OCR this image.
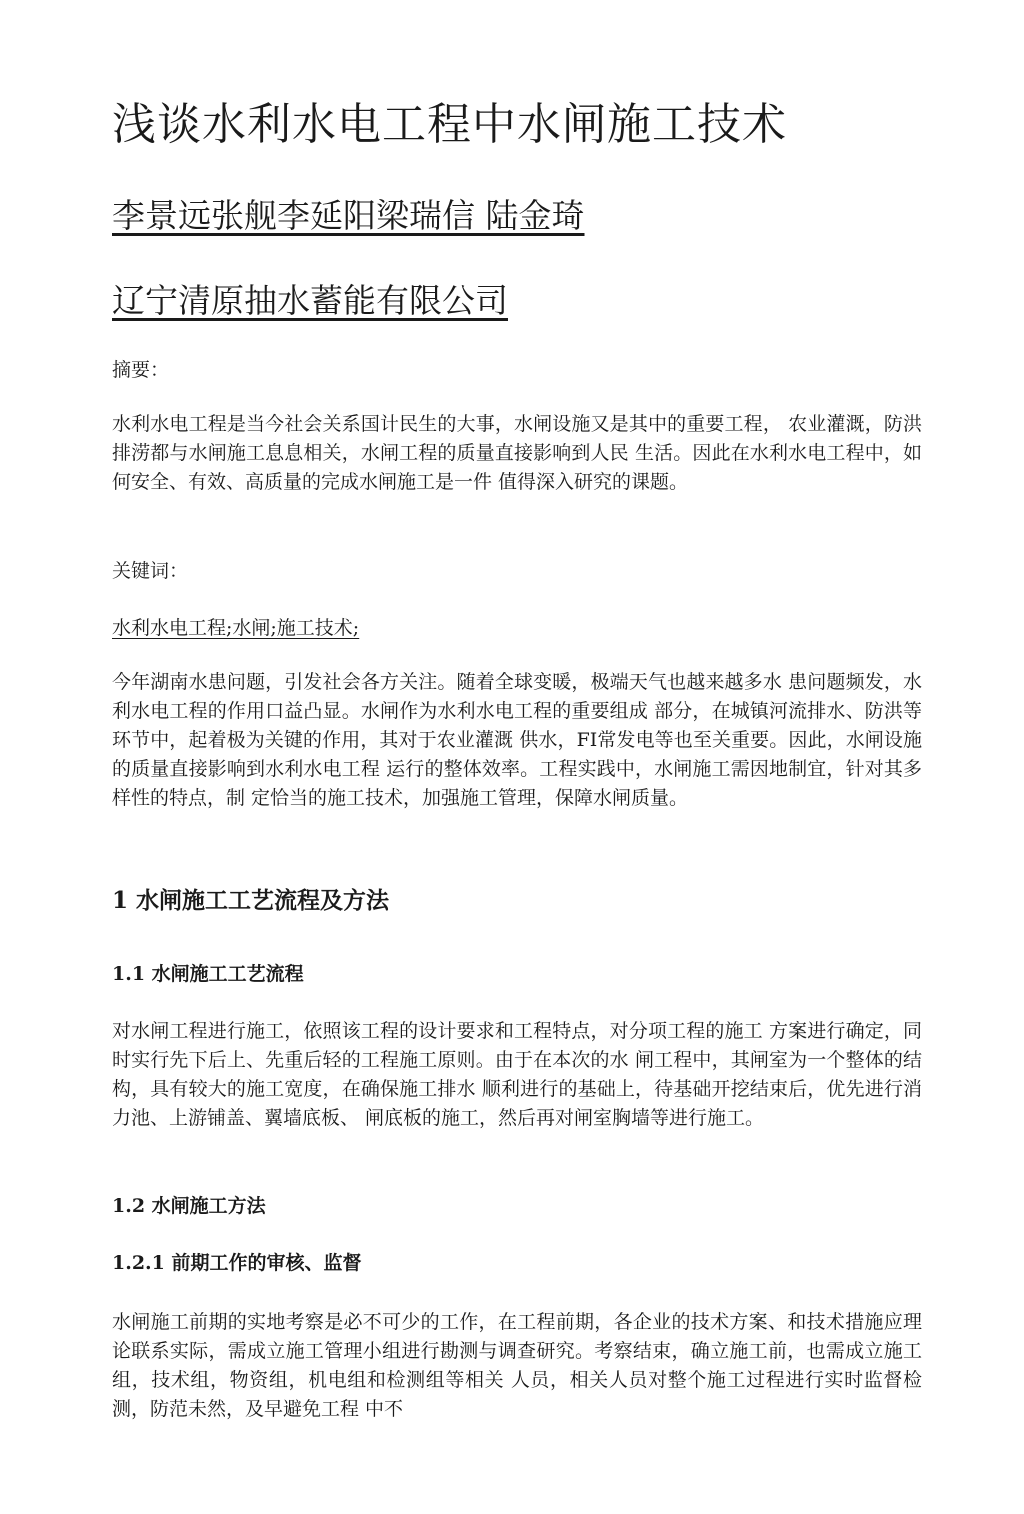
浅谈水利水电工程中水闸施工技术
李景远张舰李延阳梁瑞信 陆金琦
辽宁清原抽水蓄能有限公司
摘要：

水利水电工程是当今社会关系国计民生的大事，水闸设施又是其中的重要工程， 农业灌溉，防洪排涝都与水闸施工息息相关，水闸工程的质量直接影响到人民 生活。因此在水利水电工程中，如何安全、有效、高质量的完成水闸施工是一件 值得深入研究的课题。

关键词：
水利水电工程;水闸;施工技术;

今年湖南水患问题，引发社会各方关注。随着全球变暖，极端天气也越来越多水 患问题频发，水利水电工程的作用口益凸显。水闸作为水利水电工程的重要组成 部分，在城镇河流排水、防洪等环节中，起着极为关键的作用，其对于农业灌溉 供水，FI常发电等也至关重要。因此，水闸设施的质量直接影响到水利水电工程 运行的整体效率。工程实践中，水闸施工需因地制宜，针对其多样性的特点，制 定恰当的施工技术，加强施工管理，保障水闸质量。

1 水闸施工工艺流程及方法
1.1 水闸施工工艺流程

对水闸工程进行施工，依照该工程的设计要求和工程特点，对分项工程的施工 方案进行确定，同时实行先下后上、先重后轻的工程施工原则。由于在本次的水 闸工程中，其闸室为一个整体的结构，具有较大的施工宽度，在确保施工排水 顺利进行的基础上，待基础开挖结束后，优先进行消力池、上游铺盖、翼墙底板、 闸底板的施工，然后再对闸室胸墙等进行施工。

1.2 水闸施工方法
1.2.1 前期工作的审核、监督

水闸施工前期的实地考察是必不可少的工作，在工程前期，各企业的技术方案、和技术措施应理论联系实际，需成立施工管理小组进行勘测与调查研究。考察结束，确立施工前，也需成立施工组，技术组，物资组，机电组和检测组等相关 人员，相关人员对整个施工过程进行实时监督检测，防范未然，及早避免工程 中不
